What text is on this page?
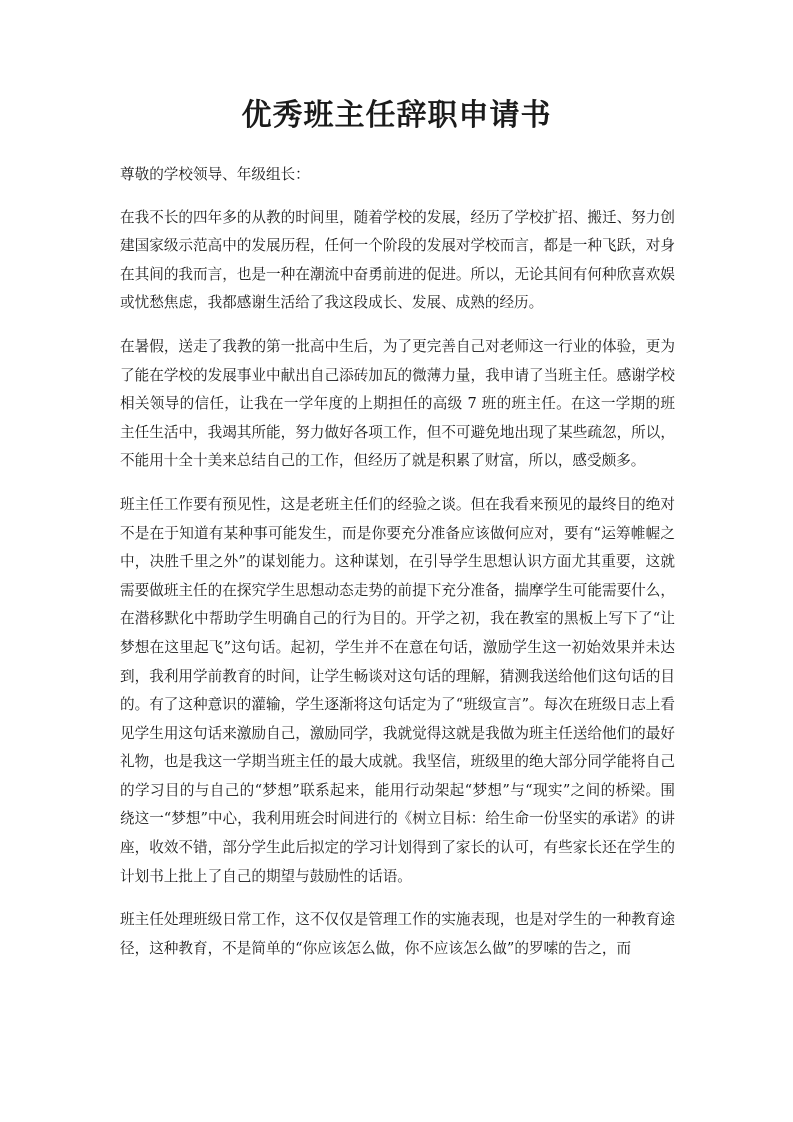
优秀班主任辞职申请书

尊敬的学校领导、年级组长：

在我不长的四年多的从教的时间里，随着学校的发展，经历了学校扩招、搬迁、努力创建国家级示范高中的发展历程，任何一个阶段的发展对学校而言，都是一种飞跃，对身在其间的我而言，也是一种在潮流中奋勇前进的促进。所以，无论其间有何种欣喜欢娱或忧愁焦虑，我都感谢生活给了我这段成长、发展、成熟的经历。

在暑假，送走了我教的第一批高中生后，为了更完善自己对老师这一行业的体验，更为了能在学校的发展事业中献出自己添砖加瓦的微薄力量，我申请了当班主任。感谢学校相关领导的信任，让我在一学年度的上期担任的高级 7 班的班主任。在这一学期的班主任生活中，我竭其所能，努力做好各项工作，但不可避免地出现了某些疏忽，所以，不能用十全十美来总结自己的工作，但经历了就是积累了财富，所以，感受颇多。

班主任工作要有预见性，这是老班主任们的经验之谈。但在我看来预见的最终目的绝对不是在于知道有某种事可能发生，而是你要充分准备应该做何应对，要有“运筹帷幄之中，决胜千里之外”的谋划能力。这种谋划，在引导学生思想认识方面尤其重要，这就需要做班主任的在探究学生思想动态走势的前提下充分准备，揣摩学生可能需要什么，在潜移默化中帮助学生明确自己的行为目的。开学之初，我在教室的黑板上写下了“让梦想在这里起飞”这句话。起初，学生并不在意在句话，激励学生这一初始效果并未达到，我利用学前教育的时间，让学生畅谈对这句话的理解，猜测我送给他们这句话的目的。有了这种意识的灌输，学生逐渐将这句话定为了“班级宣言”。每次在班级日志上看见学生用这句话来激励自己，激励同学，我就觉得这就是我做为班主任送给他们的最好礼物，也是我这一学期当班主任的最大成就。我坚信，班级里的绝大部分同学能将自己的学习目的与自己的“梦想”联系起来，能用行动架起“梦想”与“现实”之间的桥梁。围绕这一“梦想”中心，我利用班会时间进行的《树立目标：给生命一份坚实的承诺》的讲座，收效不错，部分学生此后拟定的学习计划得到了家长的认可，有些家长还在学生的计划书上批上了自己的期望与鼓励性的话语。

班主任处理班级日常工作，这不仅仅是管理工作的实施表现，也是对学生的一种教育途径，这种教育，不是简单的“你应该怎么做，你不应该怎么做”的罗嗦的告之，而
